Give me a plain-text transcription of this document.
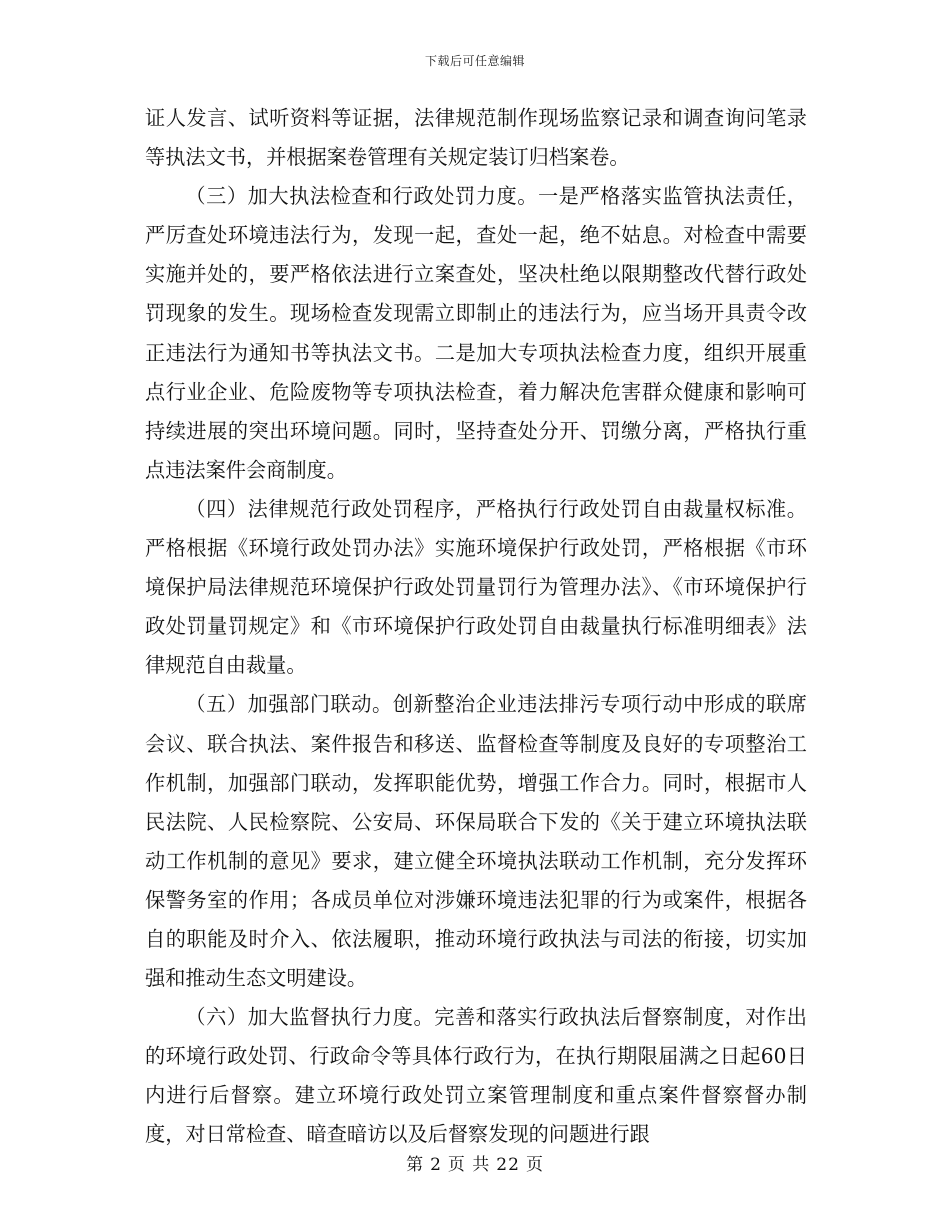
下载后可任意编辑

证人发言、试听资料等证据，法律规范制作现场监察记录和调查询问笔录等执法文书，并根据案卷管理有关规定装订归档案卷。

（三）加大执法检查和行政处罚力度。一是严格落实监管执法责任，严厉查处环境违法行为，发现一起，查处一起，绝不姑息。对检查中需要实施并处的，要严格依法进行立案查处，坚决杜绝以限期整改代替行政处罚现象的发生。现场检查发现需立即制止的违法行为，应当场开具责令改正违法行为通知书等执法文书。二是加大专项执法检查力度，组织开展重点行业企业、危险废物等专项执法检查，着力解决危害群众健康和影响可持续进展的突出环境问题。同时，坚持查处分开、罚缴分离，严格执行重点违法案件会商制度。

（四）法律规范行政处罚程序，严格执行行政处罚自由裁量权标准。严格根据《环境行政处罚办法》实施环境保护行政处罚，严格根据《市环境保护局法律规范环境保护行政处罚量罚行为管理办法》、《市环境保护行政处罚量罚规定》和《市环境保护行政处罚自由裁量执行标准明细表》法律规范自由裁量。

（五）加强部门联动。创新整治企业违法排污专项行动中形成的联席会议、联合执法、案件报告和移送、监督检查等制度及良好的专项整治工作机制，加强部门联动，发挥职能优势，增强工作合力。同时，根据市人民法院、人民检察院、公安局、环保局联合下发的《关于建立环境执法联动工作机制的意见》要求，建立健全环境执法联动工作机制，充分发挥环保警务室的作用；各成员单位对涉嫌环境违法犯罪的行为或案件，根据各自的职能及时介入、依法履职，推动环境行政执法与司法的衔接，切实加强和推动生态文明建设。

（六）加大监督执行力度。完善和落实行政执法后督察制度，对作出的环境行政处罚、行政命令等具体行政行为，在执行期限届满之日起60日内进行后督察。建立环境行政处罚立案管理制度和重点案件督察督办制度，对日常检查、暗查暗访以及后督察发现的问题进行跟

第 2 页 共 22 页
